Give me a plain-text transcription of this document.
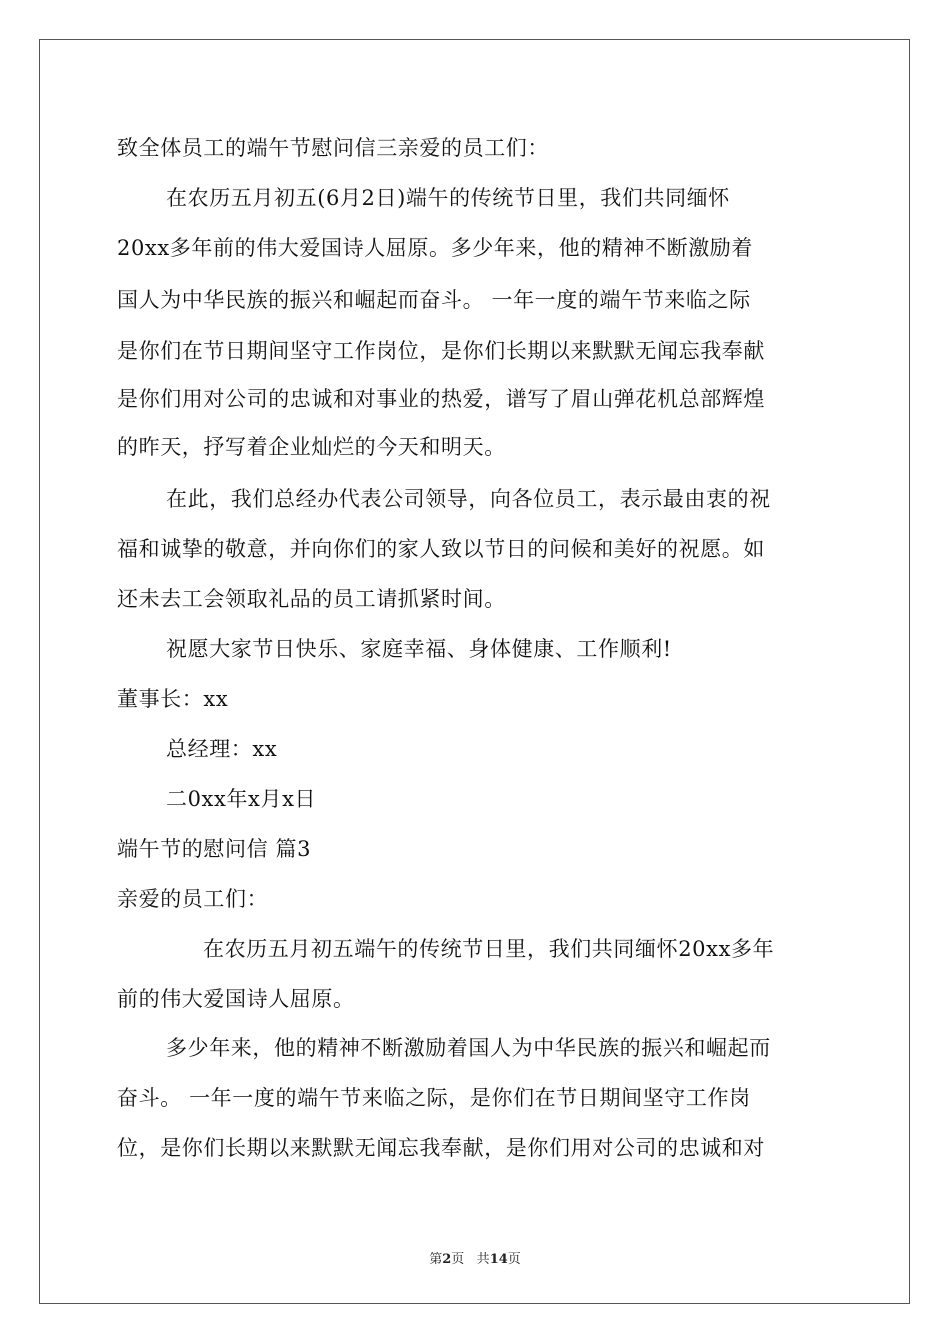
致全体员工的端午节慰问信三亲爱的员工们：
在农历五月初五(6月2日)端午的传统节日里，我们共同缅怀
20xx多年前的伟大爱国诗人屈原。多少年来，他的精神不断激励着
国人为中华民族的振兴和崛起而奋斗。 一年一度的端午节来临之际
是你们在节日期间坚守工作岗位，是你们长期以来默默无闻忘我奉献
是你们用对公司的忠诚和对事业的热爱，谱写了眉山弹花机总部辉煌
的昨天，抒写着企业灿烂的今天和明天。
在此，我们总经办代表公司领导，向各位员工，表示最由衷的祝
福和诚挚的敬意，并向你们的家人致以节日的问候和美好的祝愿。如
还未去工会领取礼品的员工请抓紧时间。
祝愿大家节日快乐、家庭幸福、身体健康、工作顺利!
董事长：xx
总经理：xx
二0xx年x月x日
端午节的慰问信 篇3
亲爱的员工们：
在农历五月初五端午的传统节日里，我们共同缅怀20xx多年
前的伟大爱国诗人屈原。
多少年来，他的精神不断激励着国人为中华民族的振兴和崛起而
奋斗。 一年一度的端午节来临之际，是你们在节日期间坚守工作岗
位，是你们长期以来默默无闻忘我奉献，是你们用对公司的忠诚和对
第2页 共14页
